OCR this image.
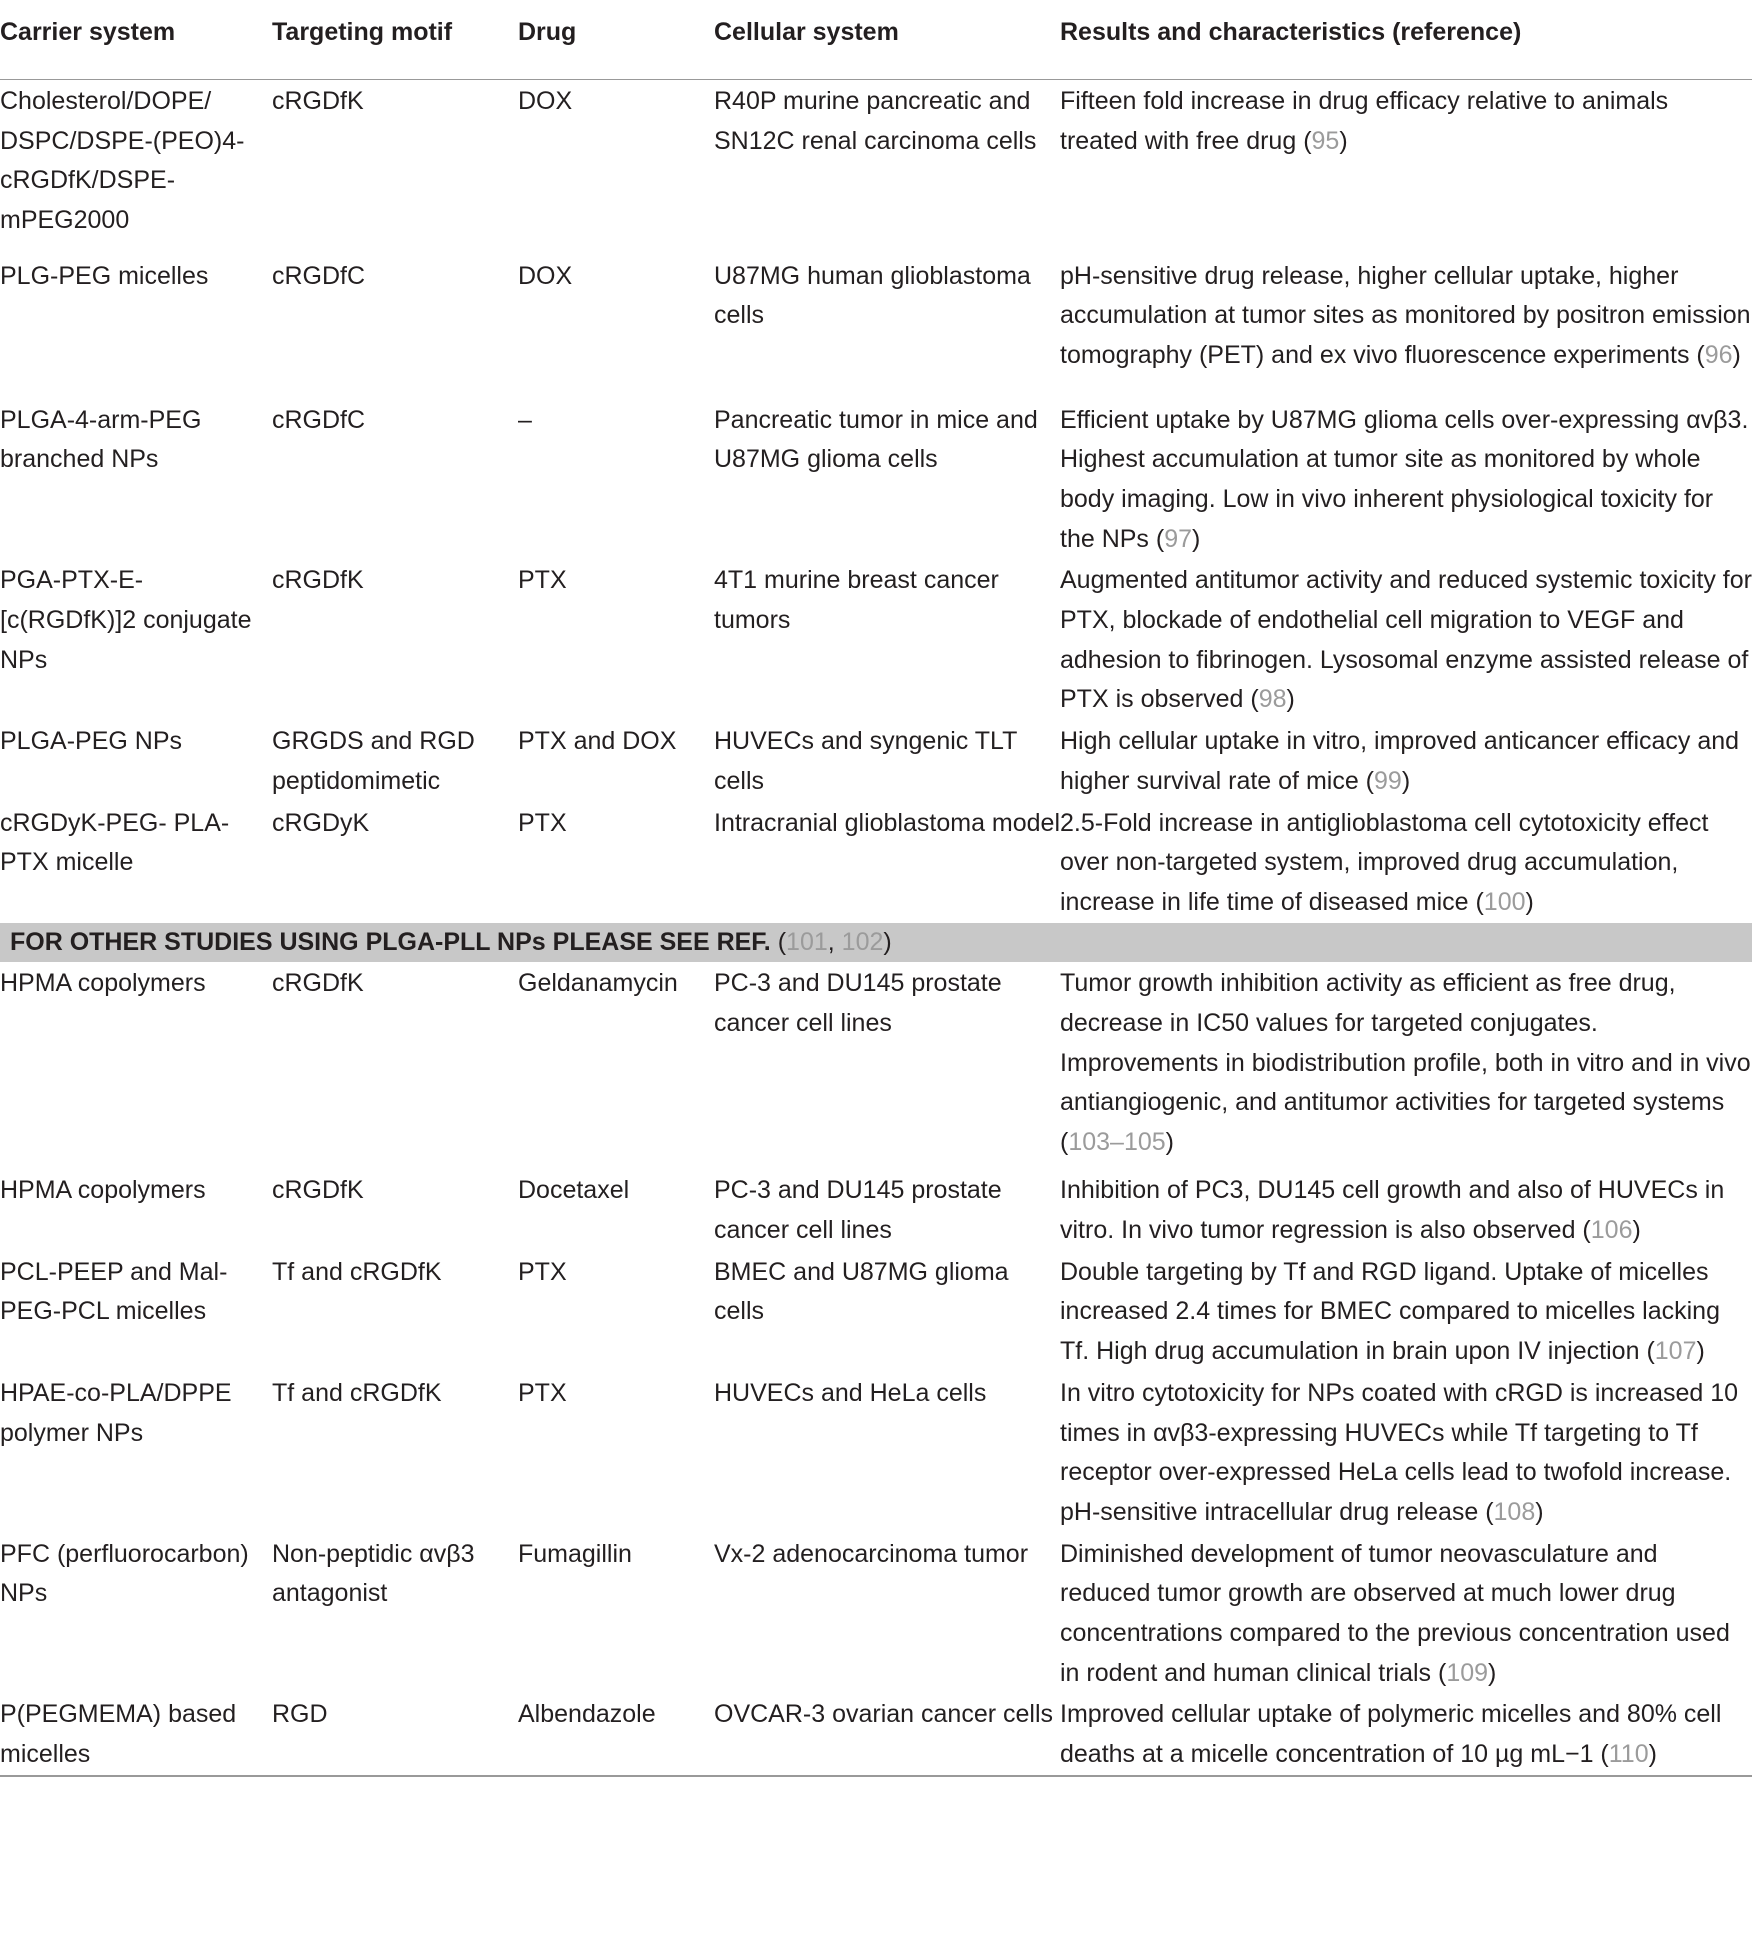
Carrier system	Targeting motif	Drug	Cellular system	Results and characteristics (reference)
Cholesterol/DOPE/ DSPC/DSPE-(PEO)4- cRGDfK/DSPE- mPEG2000	cRGDfK	DOX	R40P murine pancreatic and SN12C renal carcinoma cells	Fifteen fold increase in drug efficacy relative to animals treated with free drug (95)
PLG-PEG micelles	cRGDfC	DOX	U87MG human glioblastoma cells	pH-sensitive drug release, higher cellular uptake, higher accumulation at tumor sites as monitored by positron emission tomography (PET) and ex vivo fluorescence experiments (96)
PLGA-4-arm-PEG branched NPs	cRGDfC	–	Pancreatic tumor in mice and U87MG glioma cells	Efficient uptake by U87MG glioma cells over-expressing αvβ3. Highest accumulation at tumor site as monitored by whole body imaging. Low in vivo inherent physiological toxicity for the NPs (97)
PGA-PTX-E- [c(RGDfK)]2 conjugate NPs	cRGDfK	PTX	4T1 murine breast cancer tumors	Augmented antitumor activity and reduced systemic toxicity for PTX, blockade of endothelial cell migration to VEGF and adhesion to fibrinogen. Lysosomal enzyme assisted release of PTX is observed (98)
PLGA-PEG NPs	GRGDS and RGD peptidomimetic	PTX and DOX	HUVECs and syngenic TLT cells	High cellular uptake in vitro, improved anticancer efficacy and higher survival rate of mice (99)
cRGDyK-PEG- PLA-PTX micelle	cRGDyK	PTX	Intracranial glioblastoma model	2.5-Fold increase in antiglioblastoma cell cytotoxicity effect over non-targeted system, improved drug accumulation, increase in life time of diseased mice (100)
FOR OTHER STUDIES USING PLGA-PLL NPs PLEASE SEE REF. (101, 102)				
HPMA copolymers	cRGDfK	Geldanamycin	PC-3 and DU145 prostate cancer cell lines	Tumor growth inhibition activity as efficient as free drug, decrease in IC50 values for targeted conjugates. Improvements in biodistribution profile, both in vitro and in vivo antiangiogenic, and antitumor activities for targeted systems (103–105)
HPMA copolymers	cRGDfK	Docetaxel	PC-3 and DU145 prostate cancer cell lines	Inhibition of PC3, DU145 cell growth and also of HUVECs in vitro. In vivo tumor regression is also observed (106)
PCL-PEEP and Mal-PEG-PCL micelles	Tf and cRGDfK	PTX	BMEC and U87MG glioma cells	Double targeting by Tf and RGD ligand. Uptake of micelles increased 2.4 times for BMEC compared to micelles lacking Tf. High drug accumulation in brain upon IV injection (107)
HPAE-co-PLA/DPPE polymer NPs	Tf and cRGDfK	PTX	HUVECs and HeLa cells	In vitro cytotoxicity for NPs coated with cRGD is increased 10 times in αvβ3-expressing HUVECs while Tf targeting to Tf receptor over-expressed HeLa cells lead to twofold increase. pH-sensitive intracellular drug release (108)
PFC (perfluorocarbon) NPs	Non-peptidic αvβ3 antagonist	Fumagillin	Vx-2 adenocarcinoma tumor	Diminished development of tumor neovasculature and reduced tumor growth are observed at much lower drug concentrations compared to the previous concentration used in rodent and human clinical trials (109)
P(PEGMEMA) based micelles	RGD	Albendazole	OVCAR-3 ovarian cancer cells	Improved cellular uptake of polymeric micelles and 80% cell deaths at a micelle concentration of 10 µg mL−1 (110)
